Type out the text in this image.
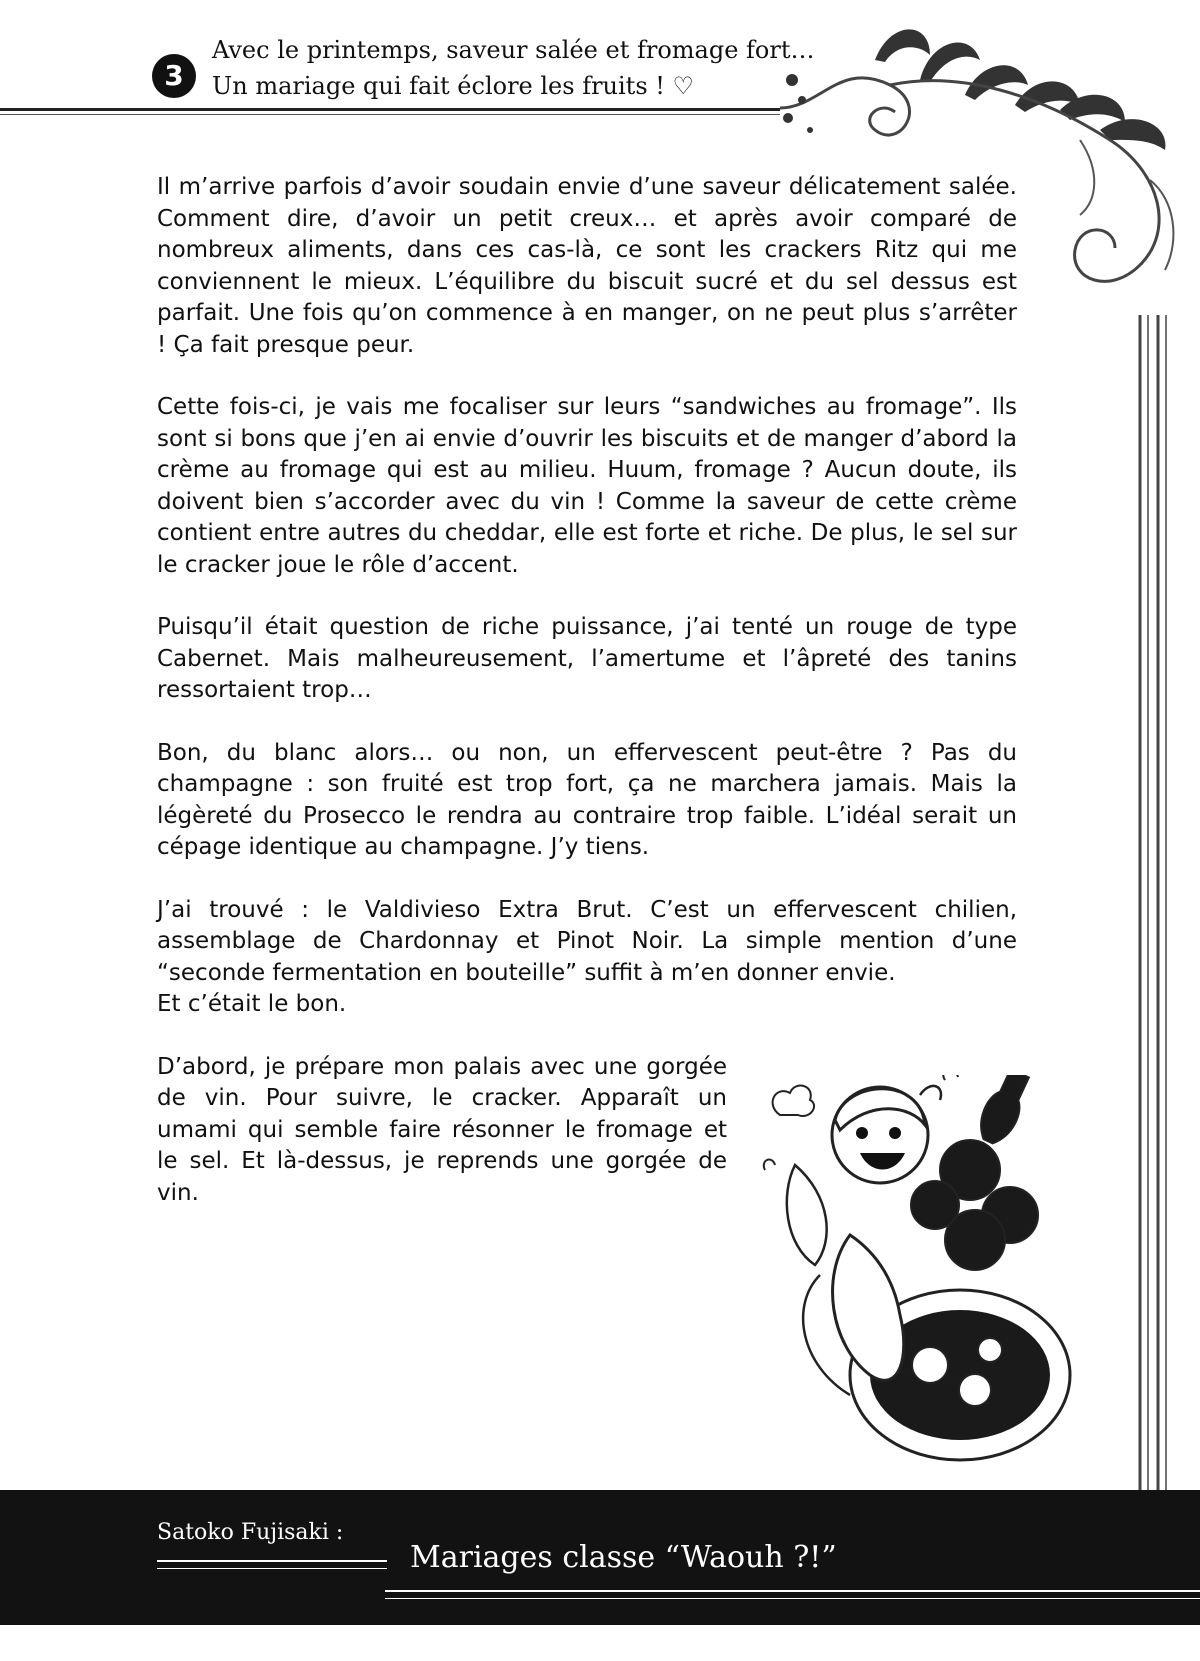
3
Avec le printemps, saveur salée et fromage fort…
Un mariage qui fait éclore les fruits ! ♡

Il m’arrive parfois d’avoir soudain envie d’une saveur délicatement salée. Comment dire, d’avoir un petit creux… et après avoir comparé de nombreux aliments, dans ces cas-là, ce sont les crackers Ritz qui me conviennent le mieux. L’équilibre du biscuit sucré et du sel dessus est parfait. Une fois qu’on commence à en manger, on ne peut plus s’arrêter ! Ça fait presque peur.

Cette fois-ci, je vais me focaliser sur leurs “sandwiches au fromage”. Ils sont si bons que j’en ai envie d’ouvrir les biscuits et de manger d’abord la crème au fromage qui est au milieu. Huum, fromage ? Aucun doute, ils doivent bien s’accorder avec du vin ! Comme la saveur de cette crème contient entre autres du cheddar, elle est forte et riche. De plus, le sel sur le cracker joue le rôle d’accent.

Puisqu’il était question de riche puissance, j’ai tenté un rouge de type Cabernet. Mais malheureusement, l’amertume et l’âpreté des tanins ressortaient trop…

Bon, du blanc alors… ou non, un effervescent peut-être ? Pas du champagne : son fruité est trop fort, ça ne marchera jamais. Mais la légèreté du Prosecco le rendra au contraire trop faible. L’idéal serait un cépage identique au champagne. J’y tiens.

J’ai trouvé : le Valdivieso Extra Brut. C’est un effervescent chilien, assemblage de Chardonnay et Pinot Noir. La simple mention d’une “seconde fermentation en bouteille” suffit à m’en donner envie.

Et c’était le bon.

D’abord, je prépare mon palais avec une gorgée de vin. Pour suivre, le cracker. Apparaît un umami qui semble faire résonner le fromage et le sel. Et là-dessus, je reprends une gorgée de vin.

Satoko Fujisaki :
Mariages classe “Waouh ?!”
